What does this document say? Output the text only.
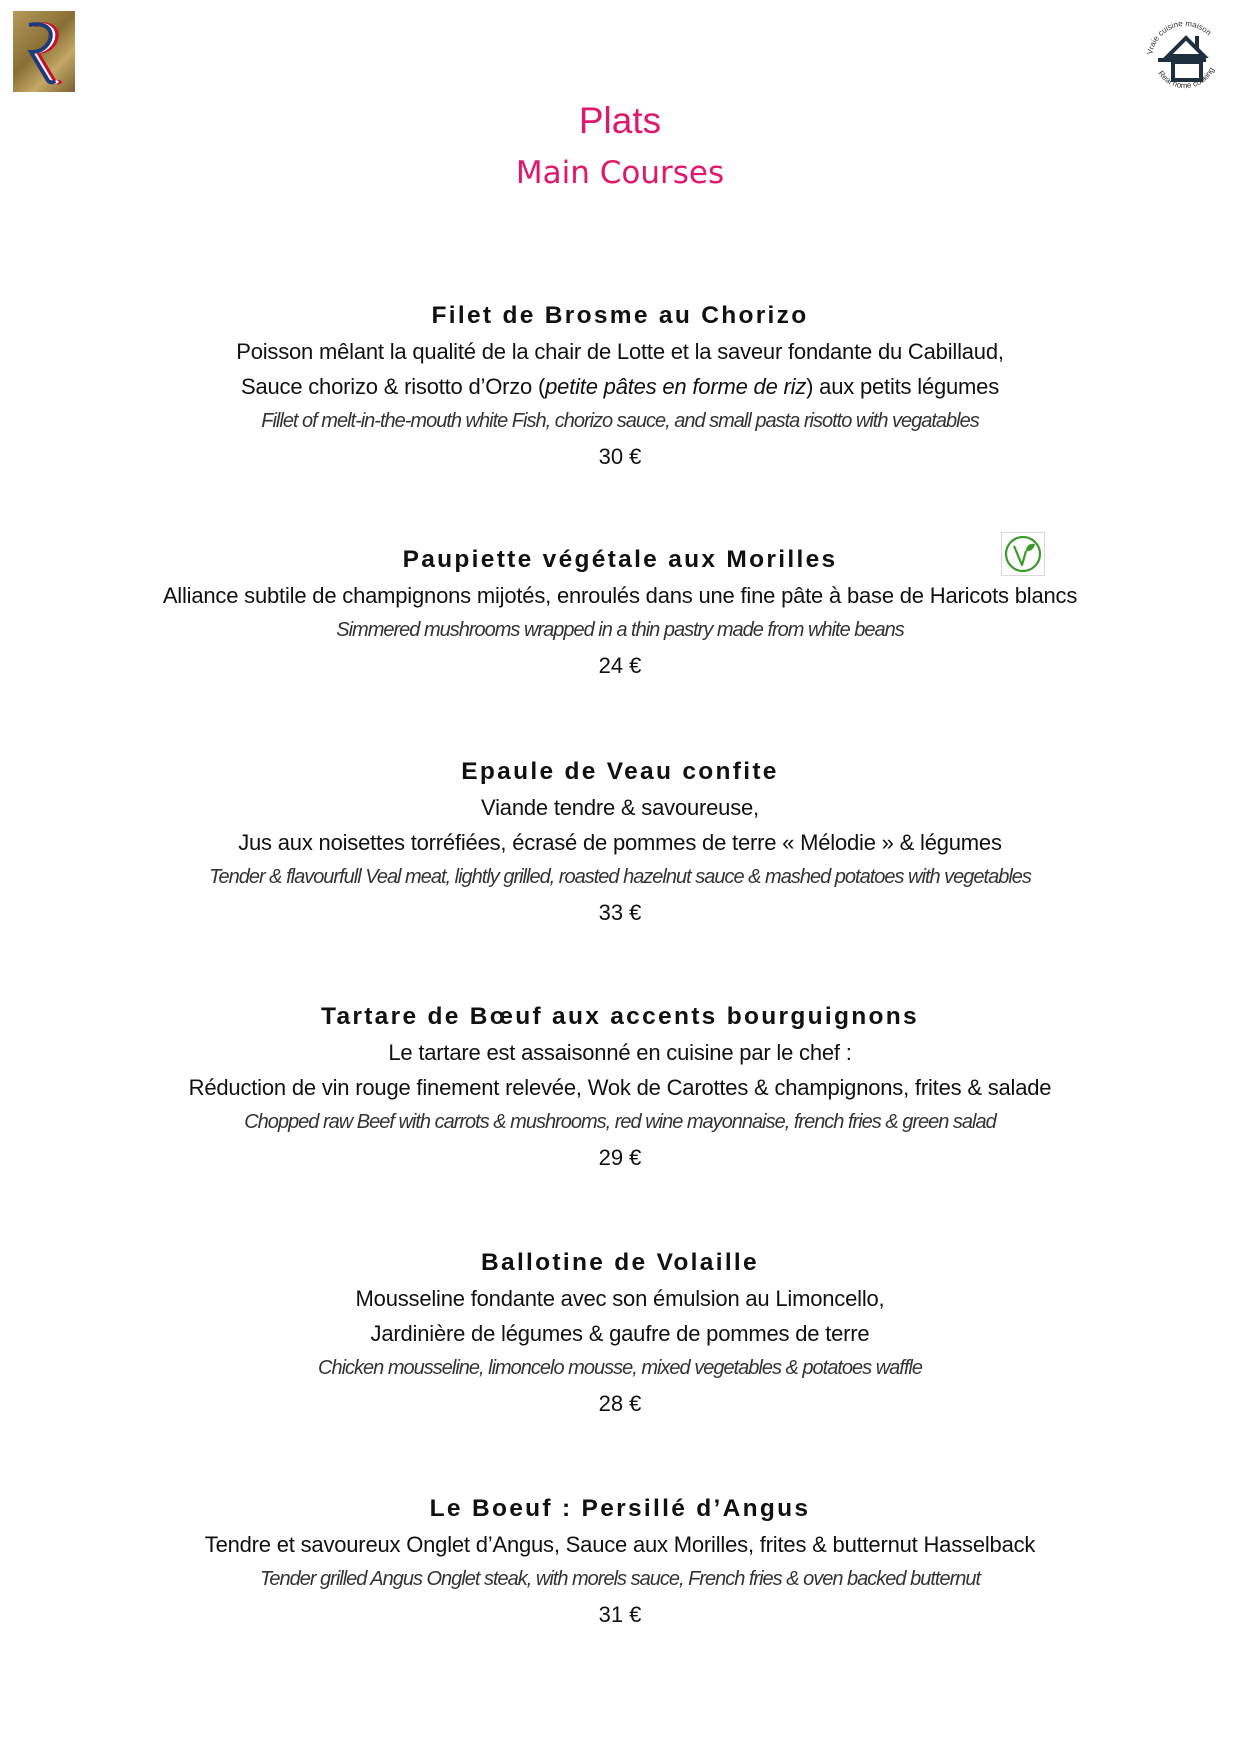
Vraie cuisine maison
Real home cooking
Plats
Main Courses
Filet de Brosme au Chorizo
Poisson mêlant la qualité de la chair de Lotte et la saveur fondante du Cabillaud,
Sauce chorizo & risotto d’Orzo (petite pâtes en forme de riz) aux petits légumes
Fillet of melt-in-the-mouth white Fish, chorizo sauce, and small pasta risotto with vegatables
30 €
Paupiette végétale aux Morilles
Alliance subtile de champignons mijotés, enroulés dans une fine pâte à base de Haricots blancs
Simmered mushrooms wrapped in a thin pastry made from white beans
24 €
Epaule de Veau confite
Viande tendre & savoureuse,
Jus aux noisettes torréfiées, écrasé de pommes de terre « Mélodie » & légumes
Tender & flavourfull Veal meat, lightly grilled, roasted hazelnut sauce & mashed potatoes with vegetables
33 €
Tartare de Bœuf aux accents bourguignons
Le tartare est assaisonné en cuisine par le chef :
Réduction de vin rouge finement relevée, Wok de Carottes & champignons, frites & salade
Chopped raw Beef with carrots & mushrooms, red wine mayonnaise, french fries & green salad
29 €
Ballotine de Volaille
Mousseline fondante avec son émulsion au Limoncello,
Jardinière de légumes & gaufre de pommes de terre
Chicken mousseline, limoncelo mousse, mixed vegetables & potatoes waffle
28 €
Le Boeuf : Persillé d’Angus
Tendre et savoureux Onglet d’Angus, Sauce aux Morilles, frites & butternut Hasselback
Tender grilled Angus Onglet steak, with morels sauce, French fries & oven backed butternut
31 €
